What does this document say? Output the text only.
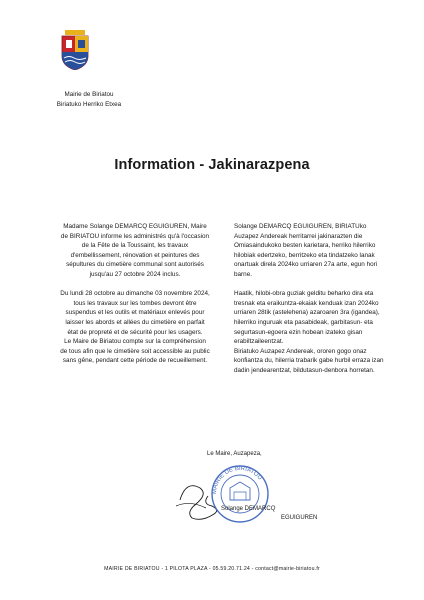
Mairie de Biriatou
Biriatuko Herriko Etxea
Information - Jakinarazpena

Madame Solange DEMARCQ EGUIGUREN, Maire de BIRIATOU informe les administrés qu'à l'occasion de la Fête de la Toussaint, les travaux d'embellissement, rénovation et peintures des sépultures du cimetière communal sont autorisés jusqu'au 27 octobre 2024 inclus.

Du lundi 28 octobre au dimanche 03 novembre 2024, tous les travaux sur les tombes devront être suspendus et les outils et matériaux enlevés pour laisser les abords et allées du cimetière en parfait état de propreté et de sécurité pour les usagers.

Le Maire de Biriatou compte sur la compréhension de tous afin que le cimetière soit accessible au public sans gêne, pendant cette période de recueillement.

Solange DEMARCQ EGUIGUREN, BIRIATUko Auzapez Andereak herritarrei jakinarazten die Omiasaindukoko besten karietara, herriko hilerriko hilobiak edertzeko, berritzeko eta tindatzeko lanak onartuak direla 2024ko urriaren 27a arte, egun hori barne.

Haatik, hilobi-obra guziak gelditu beharko dira eta tresnak eta eraikuntza-ekaiak kenduak izan 2024ko urriaren 28tik (astelehena) azaroaren 3ra (igandea), hilerriko inguruak eta pasabideak, garbitasun- eta segurtasun-egoera ezin hobean izateko gisan erabiltzaileentzat.

Biriatuko Auzapez Andereak, ororen gogo onaz konfiantza du, hilerria trabarik gabe hurbil erraza izan dadin jendearentzat, bildutasun-denbora horretan.

Le Maire, Auzapeza,
MAIRIE DE BIRIATOU
Solange DEMARCQ
EGUIGUREN
MAIRIE DE BIRIATOU - 1 PILOTA PLAZA - 05.59.20.71.24 - contact@mairie-biriatou.fr
